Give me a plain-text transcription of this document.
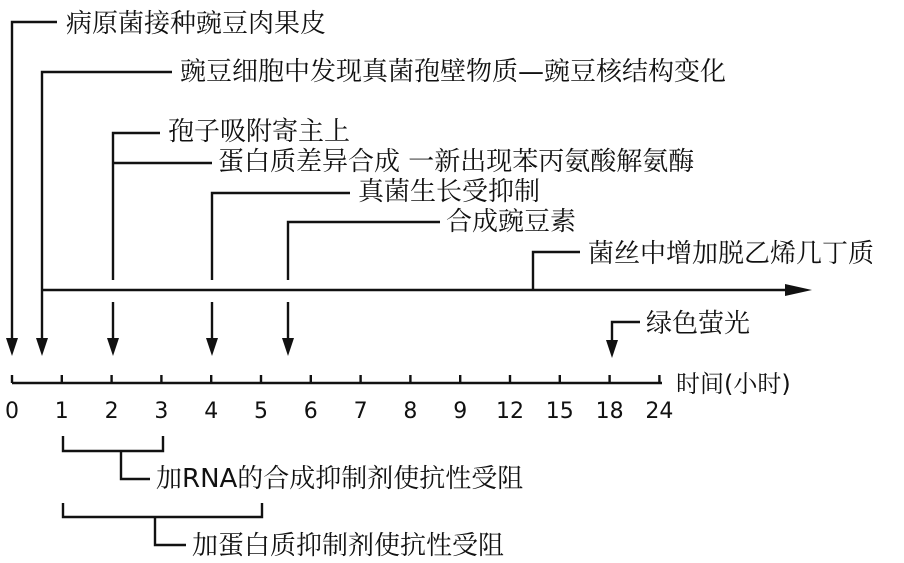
病原菌接种豌豆肉果皮
豌豆细胞中发现真菌孢壁物质—豌豆核结构变化
孢子吸附寄主上
蛋白质差异合成 一新出现苯丙氨酸解氨酶
真菌生长受抑制
合成豌豆素
菌丝中增加脱乙烯几丁质
绿色萤光
0 1 2 3 4 5 6 7 8 9 12 15 18 24
时间(小时)
加RNA的合成抑制剂使抗性受阻
加蛋白质抑制剂使抗性受阻
